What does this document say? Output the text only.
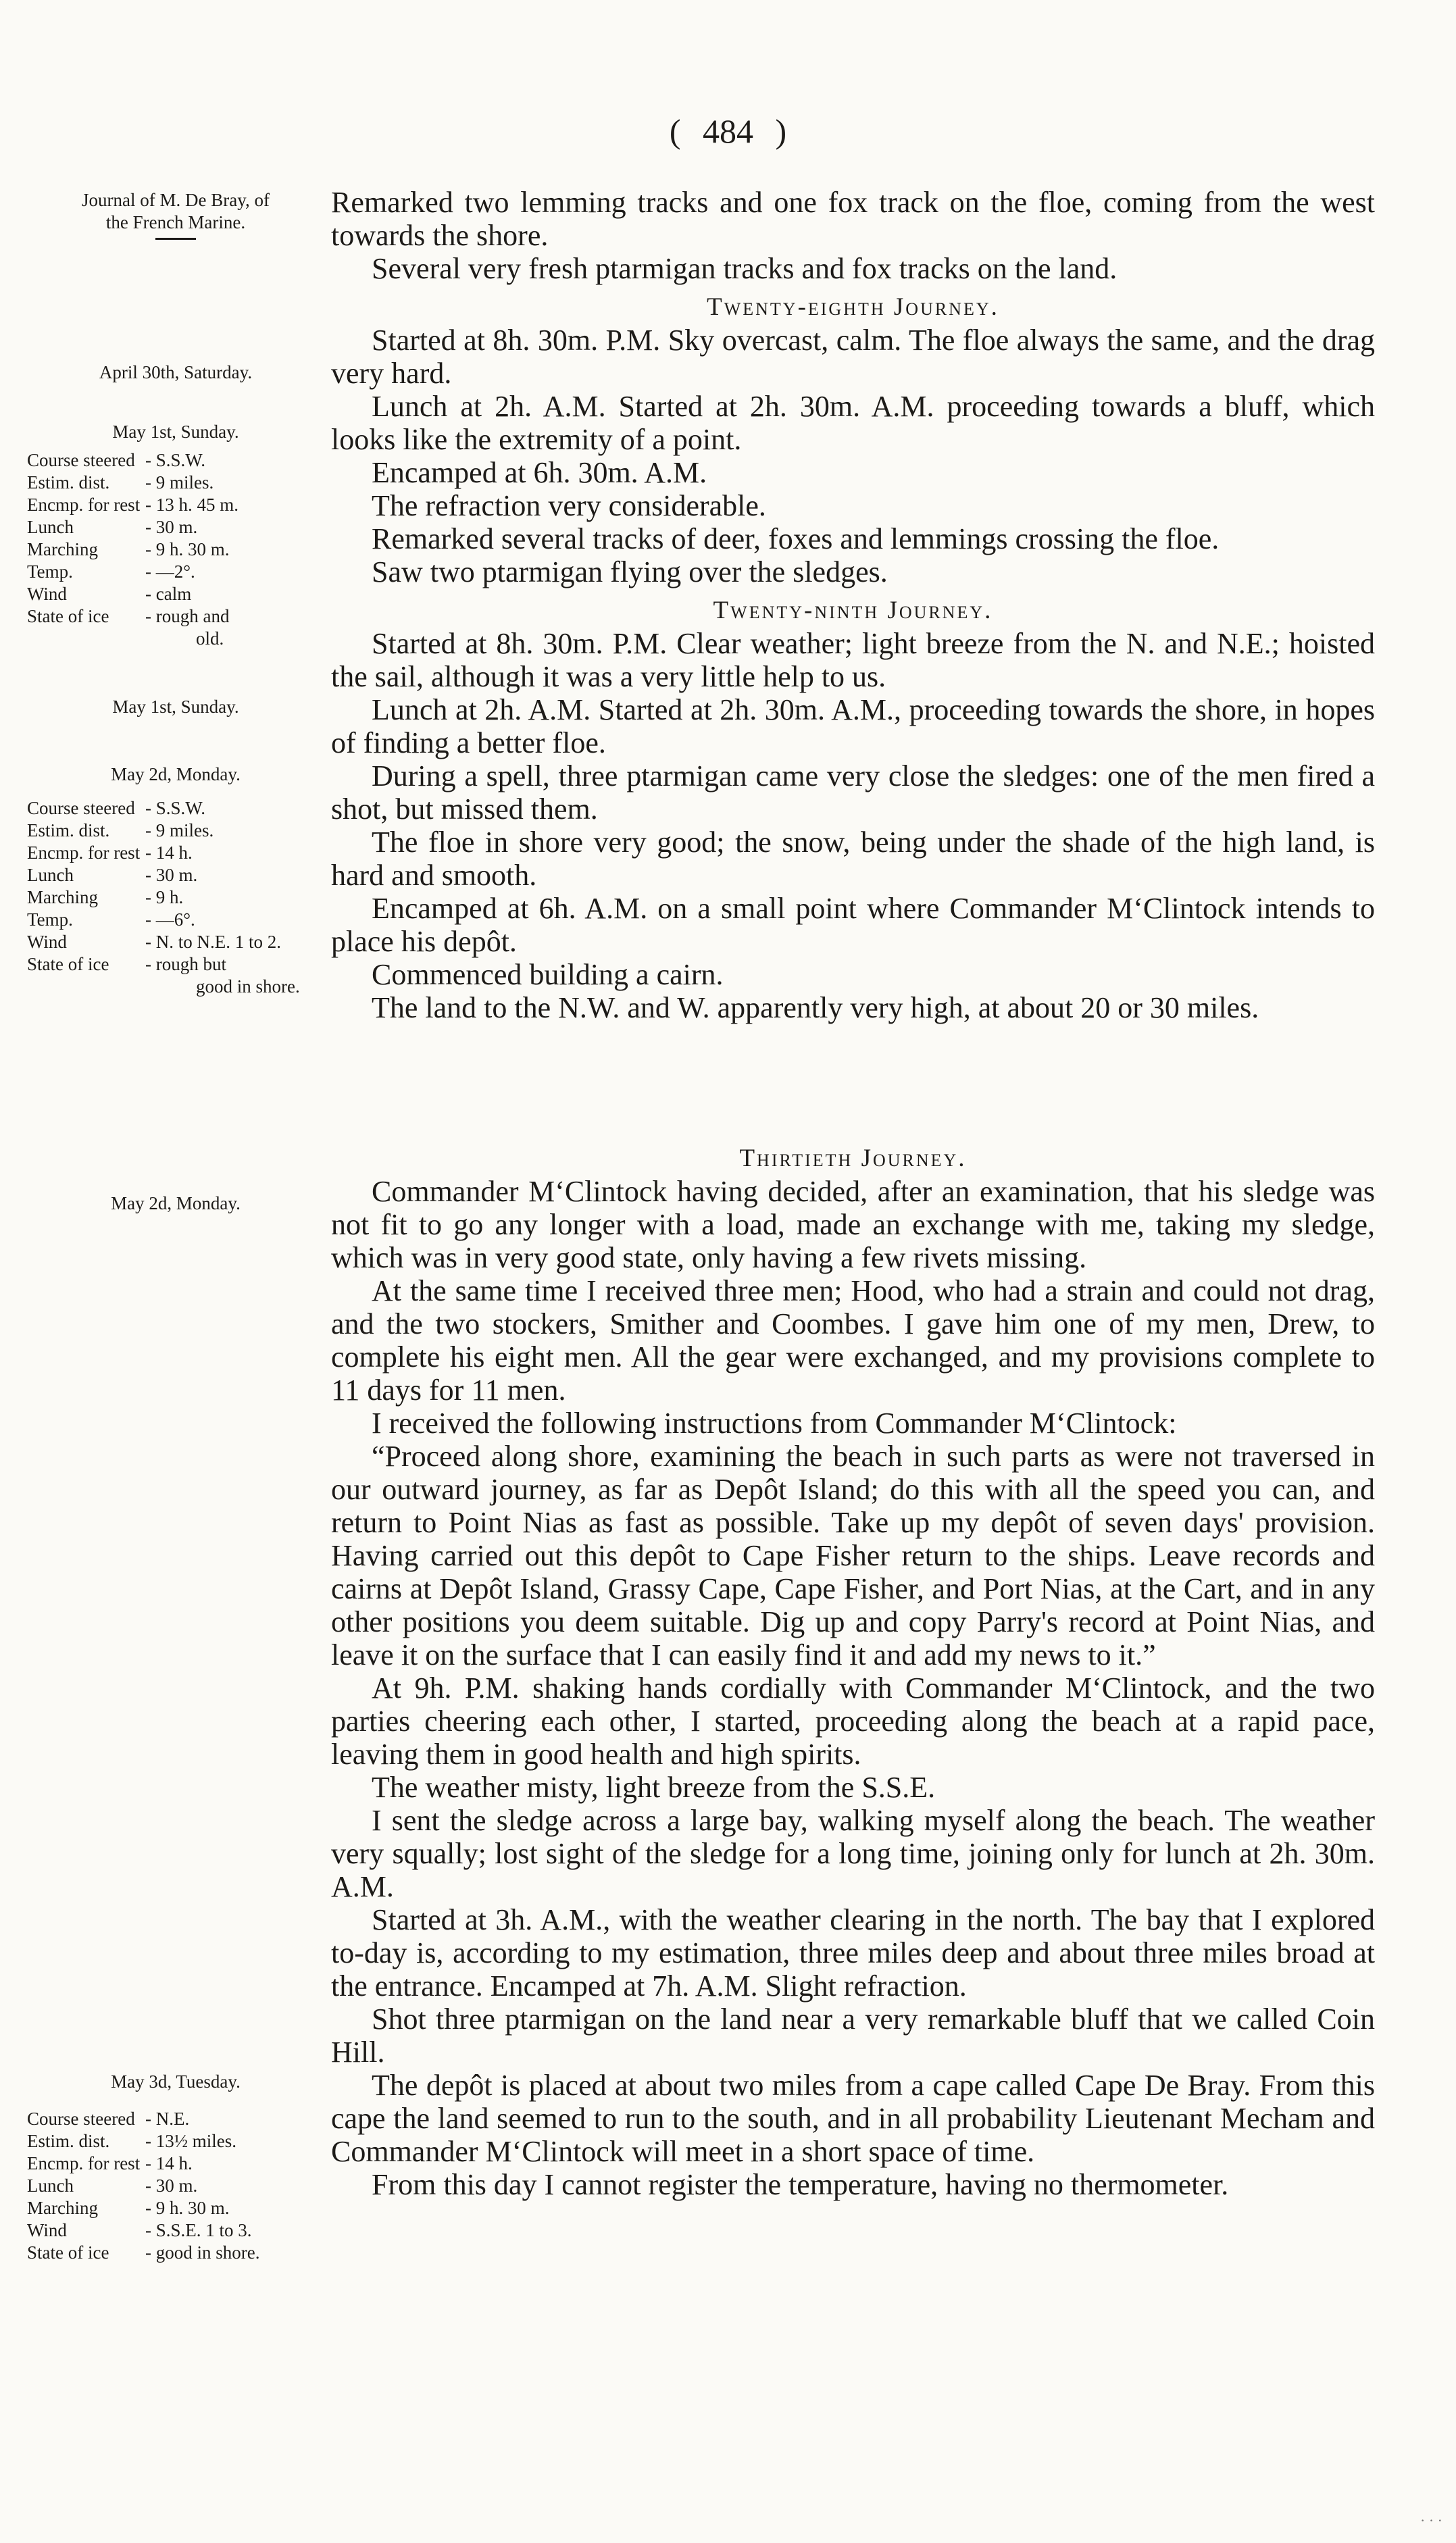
( 484 )
Journal of M. De Bray, of
the French Marine.
April 30th, Saturday.
May 1st, Sunday.
Course steered - S.S.W.
Estim. dist.	- 9 miles.
Encmp. for rest - 13 h. 45 m.
Lunch	- 30 m.
Marching	- 9 h. 30 m.
Temp.	- —2°.
Wind	- calm
State of ice	- rough and
old.
May 1st, Sunday.
May 2d, Monday.
Course steered - S.S.W.
Estim. dist.	- 9 miles.
Encmp. for rest - 14 h.
Lunch	- 30 m.
Marching	- 9 h.
Temp.	- —6°.
Wind	- N. to N.E. 1 to 2.
State of ice	- rough but
good in shore.
May 2d, Monday.
May 3d, Tuesday.
Course steered - N.E.
Estim. dist.	- 13½ miles.
Encmp. for rest - 14 h.
Lunch	- 30 m.
Marching	- 9 h. 30 m.
Wind	- S.S.E. 1 to 3.
State of ice	- good in shore.

Remarked two lemming tracks and one fox track on the floe, coming from the west towards the shore.

Several very fresh ptarmigan tracks and fox tracks on the land.

Twenty-eighth Journey.

Started at 8h. 30m. P.M. Sky overcast, calm. The floe always the same, and the drag very hard.

Lunch at 2h. A.M. Started at 2h. 30m. A.M. proceeding towards a bluff, which looks like the extremity of a point.

Encamped at 6h. 30m. A.M.

The refraction very considerable.

Remarked several tracks of deer, foxes and lemmings crossing the floe.

Saw two ptarmigan flying over the sledges.

Twenty-ninth Journey.

Started at 8h. 30m. P.M. Clear weather; light breeze from the N. and N.E.; hoisted the sail, although it was a very little help to us.

Lunch at 2h. A.M. Started at 2h. 30m. A.M., proceeding towards the shore, in hopes of finding a better floe.

During a spell, three ptarmigan came very close the sledges: one of the men fired a shot, but missed them.

The floe in shore very good; the snow, being under the shade of the high land, is hard and smooth.

Encamped at 6h. A.M. on a small point where Commander M‘Clintock intends to place his depôt.

Commenced building a cairn.

The land to the N.W. and W. apparently very high, at about 20 or 30 miles.

Thirtieth Journey.

Commander M‘Clintock having decided, after an examination, that his sledge was not fit to go any longer with a load, made an exchange with me, taking my sledge, which was in very good state, only having a few rivets missing.

At the same time I received three men; Hood, who had a strain and could not drag, and the two stockers, Smither and Coombes. I gave him one of my men, Drew, to complete his eight men. All the gear were exchanged, and my provisions complete to 11 days for 11 men.

I received the following instructions from Commander M‘Clintock:

“Proceed along shore, examining the beach in such parts as were not traversed in our outward journey, as far as Depôt Island; do this with all the speed you can, and return to Point Nias as fast as possible. Take up my depôt of seven days' provision. Having carried out this depôt to Cape Fisher return to the ships. Leave records and cairns at Depôt Island, Grassy Cape, Cape Fisher, and Port Nias, at the Cart, and in any other positions you deem suitable. Dig up and copy Parry's record at Point Nias, and leave it on the surface that I can easily find it and add my news to it.”

At 9h. P.M. shaking hands cordially with Commander M‘Clintock, and the two parties cheering each other, I started, proceeding along the beach at a rapid pace, leaving them in good health and high spirits.

The weather misty, light breeze from the S.S.E.

I sent the sledge across a large bay, walking myself along the beach. The weather very squally; lost sight of the sledge for a long time, joining only for lunch at 2h. 30m. A.M.

Started at 3h. A.M., with the weather clearing in the north. The bay that I explored to-day is, according to my estimation, three miles deep and about three miles broad at the entrance. Encamped at 7h. A.M. Slight refraction.

Shot three ptarmigan on the land near a very remarkable bluff that we called Coin Hill.

The depôt is placed at about two miles from a cape called Cape De Bray. From this cape the land seemed to run to the south, and in all probability Lieutenant Mecham and Commander M‘Clintock will meet in a short space of time.

From this day I cannot register the temperature, having no thermometer.

· · ·
